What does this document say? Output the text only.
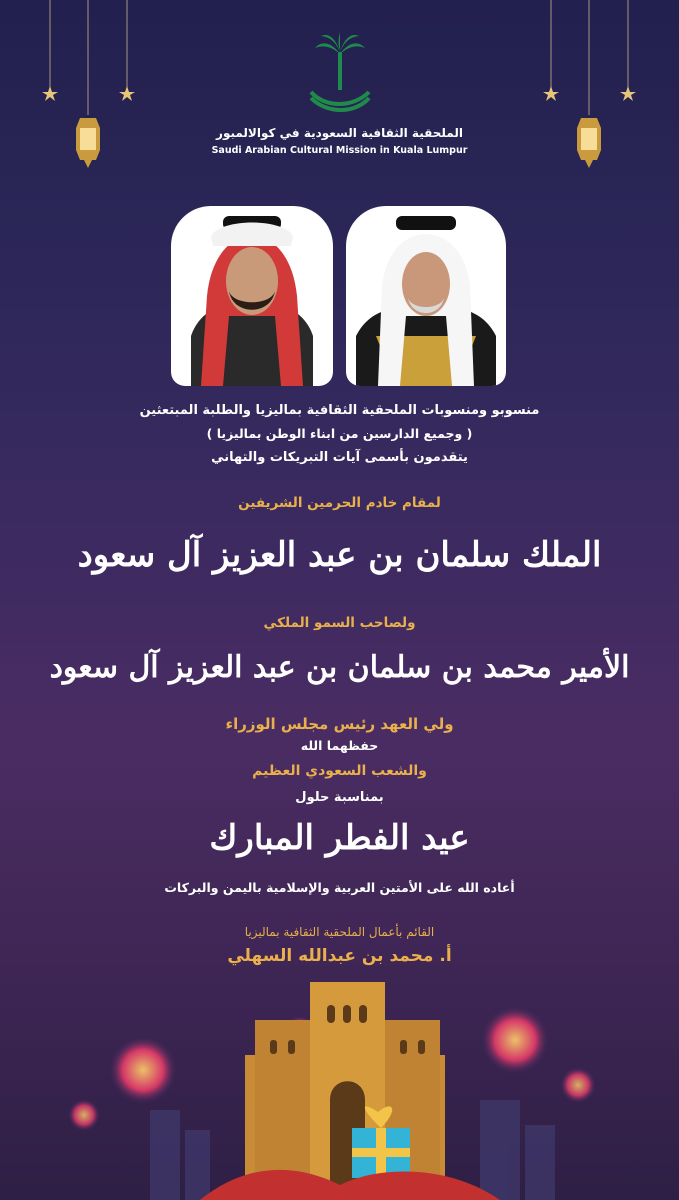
الملحقية الثقافية السعودية في كوالالمبور
Saudi Arabian Cultural Mission in Kuala Lumpur
منسوبو ومنسوبات الملحقية الثقافية بماليزيا والطلبة المبتعثين
( وجميع الدارسين من ابناء الوطن بماليزيا )
يتقدمون بأسمى آيات التبريكات والتهاني
لمقام خادم الحرمين الشريفين
الملك سلمان بن عبد العزيز آل سعود
ولصاحب السمو الملكي
الأمير محمد بن سلمان بن عبد العزيز آل سعود
ولي العهد رئيس مجلس الوزراء
حفظهما الله
والشعب السعودي العظيم
بمناسبة حلول
عيد الفطر المبارك
أعاده الله على الأمتين العربية والإسلامية باليمن والبركات
القائم بأعمال الملحقية الثقافية بماليزيا
أ. محمد بن عبدالله السهلي
